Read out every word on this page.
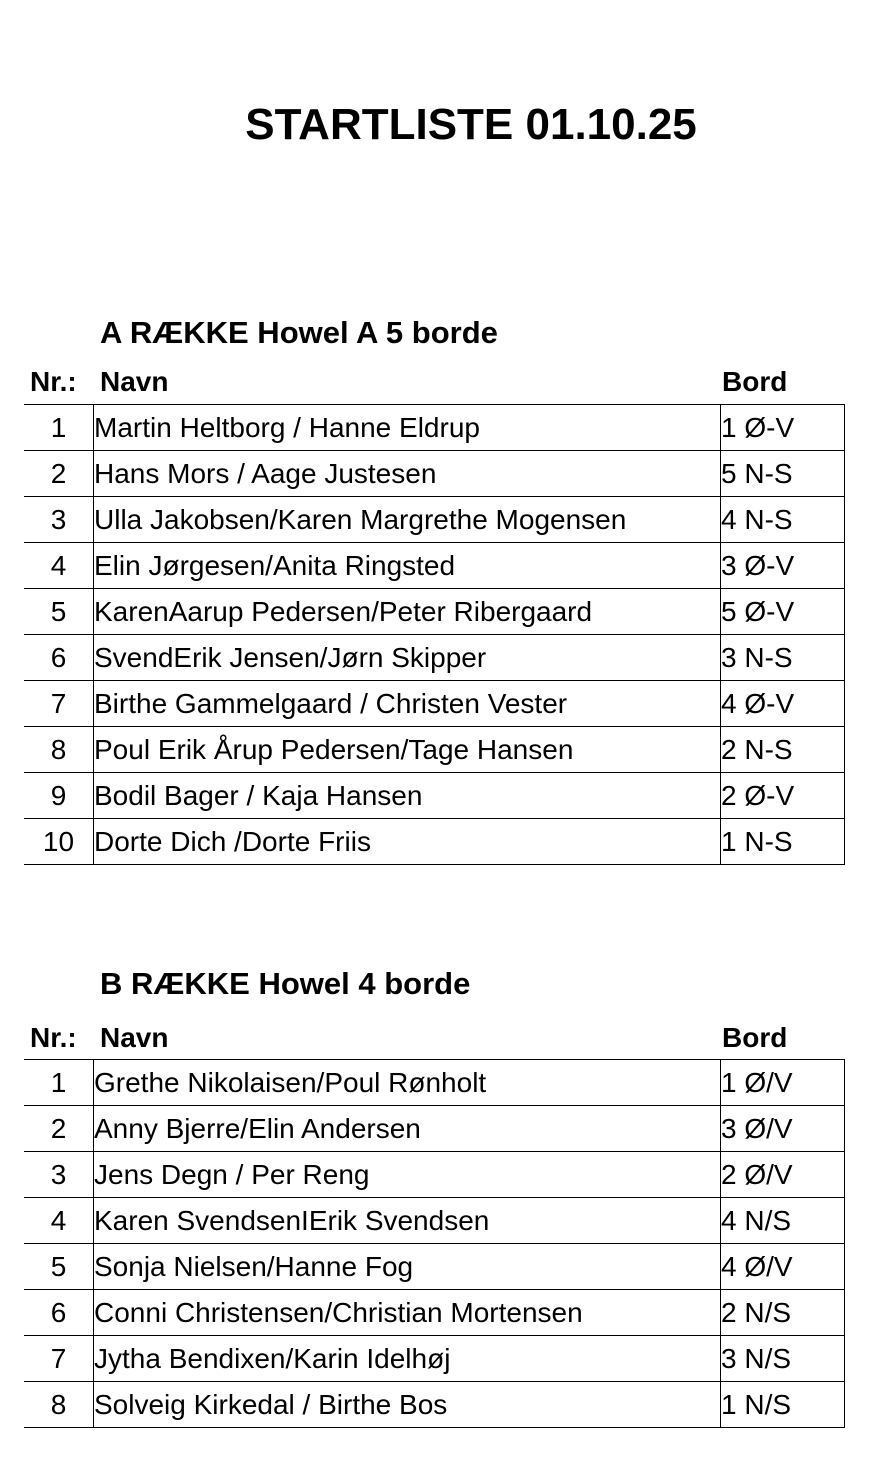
STARTLISTE 01.10.25
A RÆKKE Howel A 5 borde
Nr.: Navn	Bord
1	Martin Heltborg / Hanne Eldrup	1 Ø-V
2	Hans Mors / Aage Justesen	5 N-S
3	Ulla Jakobsen/Karen Margrethe Mogensen	4 N-S
4	Elin Jørgesen/Anita Ringsted	3 Ø-V
5	KarenAarup Pedersen/Peter Ribergaard	5 Ø-V
6	SvendErik Jensen/Jørn Skipper	3 N-S
7	Birthe Gammelgaard / Christen Vester	4 Ø-V
8	Poul Erik Årup Pedersen/Tage Hansen	2 N-S
9	Bodil Bager / Kaja Hansen	2 Ø-V
10	Dorte Dich /Dorte Friis	1 N-S
B RÆKKE Howel 4 borde
Nr.: Navn	Bord
1	Grethe Nikolaisen/Poul Rønholt	1 Ø/V
2	Anny Bjerre/Elin Andersen	3 Ø/V
3	Jens Degn / Per Reng	2 Ø/V
4	Karen SvendsenIErik Svendsen	4 N/S
5	Sonja Nielsen/Hanne Fog	4 Ø/V
6	Conni Christensen/Christian Mortensen	2 N/S
7	Jytha Bendixen/Karin Idelhøj	3 N/S
8	Solveig Kirkedal / Birthe Bos	1 N/S
